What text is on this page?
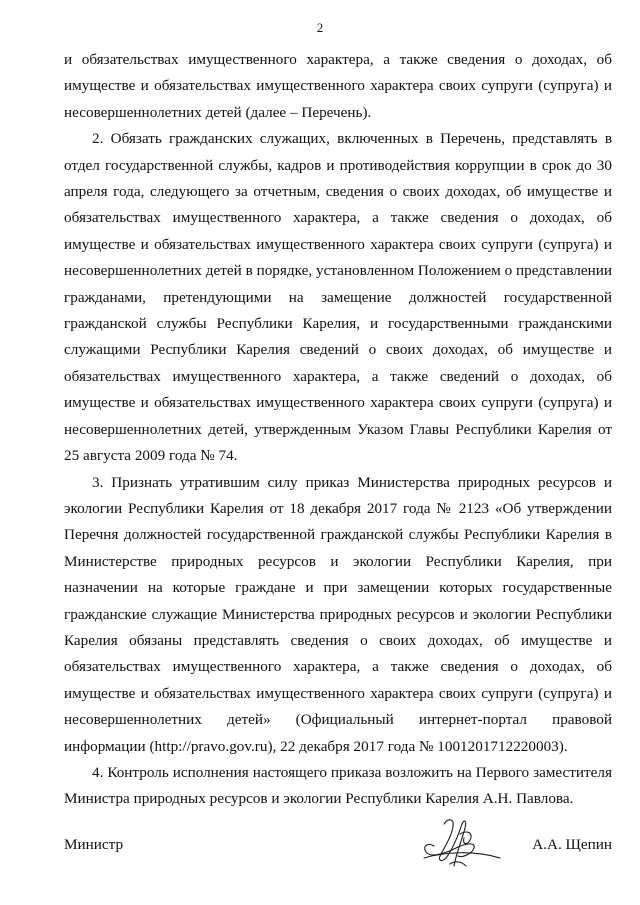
2

и обязательствах имущественного характера, а также сведения о доходах, об имуществе и обязательствах имущественного характера своих супруги (супруга) и несовершеннолетних детей (далее – Перечень).

2. Обязать гражданских служащих, включенных в Перечень, представлять в отдел государственной службы, кадров и противодействия коррупции в срок до 30 апреля года, следующего за отчетным, сведения о своих доходах, об имуществе и обязательствах имущественного характера, а также сведения о доходах, об имуществе и обязательствах имущественного характера своих супруги (супруга) и несовершеннолетних детей в порядке, установленном Положением о представлении гражданами, претендующими на замещение должностей государственной гражданской службы Республики Карелия, и государственными гражданскими служащими Республики Карелия сведений о своих доходах, об имуществе и обязательствах имущественного характера, а также сведений о доходах, об имуществе и обязательствах имущественного характера своих супруги (супруга) и несовершеннолетних детей, утвержденным Указом Главы Республики Карелия от 25 августа 2009 года № 74.

3. Признать утратившим силу приказ Министерства природных ресурсов и экологии Республики Карелия от 18 декабря 2017 года № 2123 «Об утверждении Перечня должностей государственной гражданской службы Республики Карелия в Министерстве природных ресурсов и экологии Республики Карелия, при назначении на которые граждане и при замещении которых государственные гражданские служащие Министерства природных ресурсов и экологии Республики Карелия обязаны представлять сведения о своих доходах, об имуществе и обязательствах имущественного характера, а также сведения о доходах, об имуществе и обязательствах имущественного характера своих супруги (супруга) и несовершеннолетних детей» (Официальный интернет-портал правовой информации (http://pravo.gov.ru), 22 декабря 2017 года № 1001201712220003).

4. Контроль исполнения настоящего приказа возложить на Первого заместителя Министра природных ресурсов и экологии Республики Карелия А.Н. Павлова.

Министр	А.А. Щепин
